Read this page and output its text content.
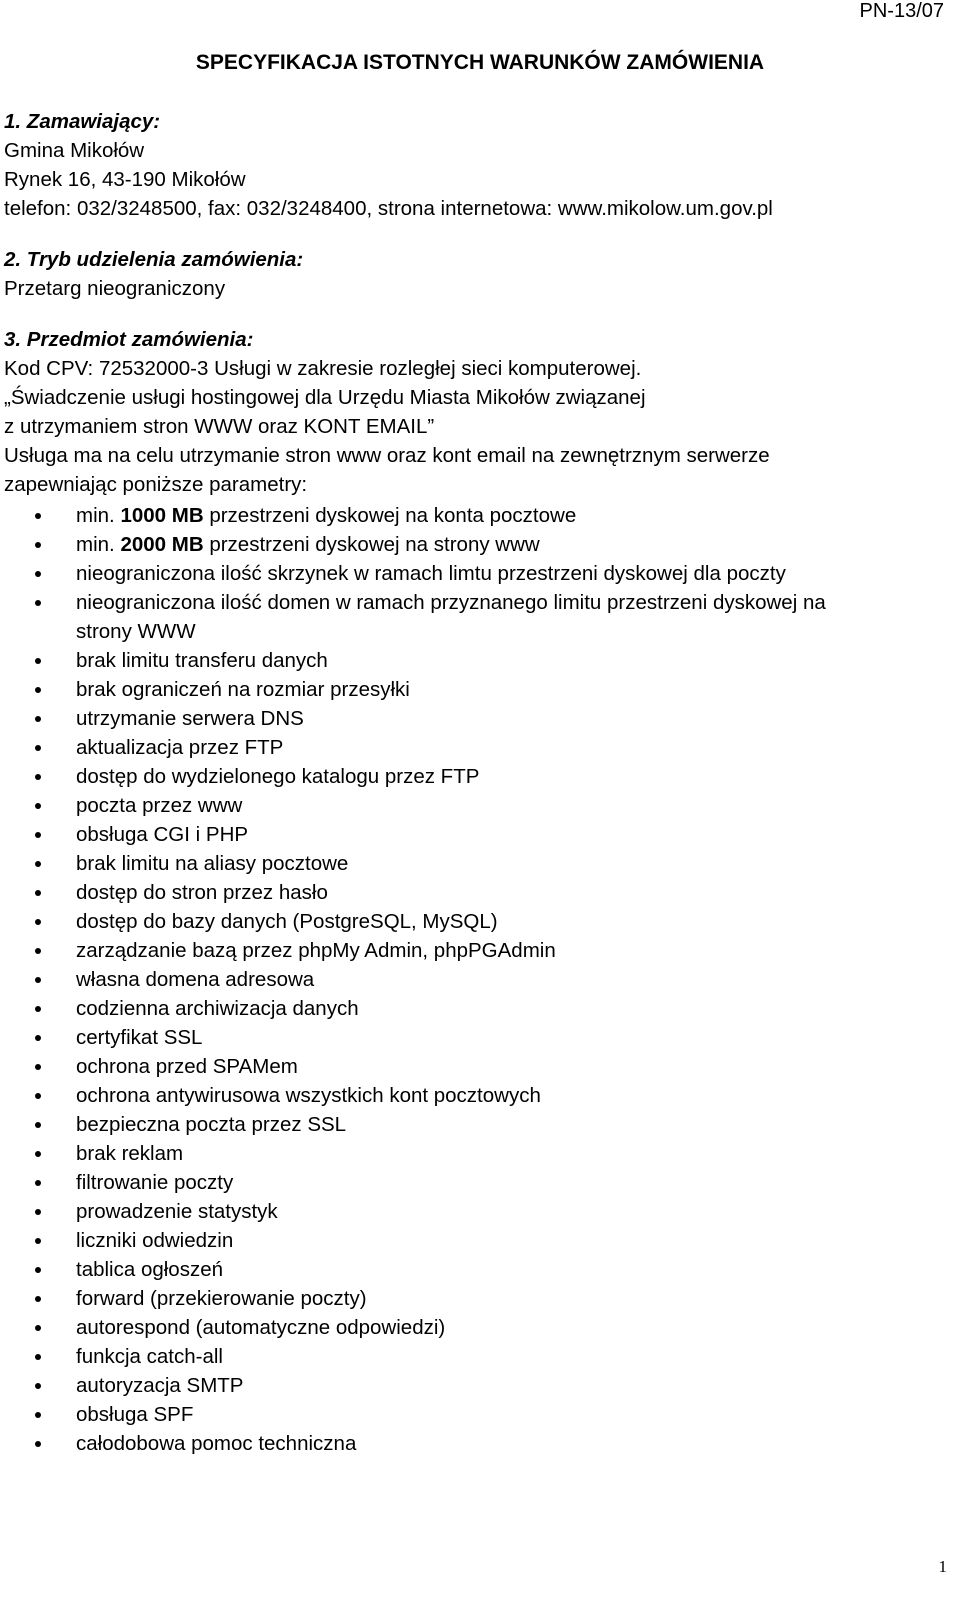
PN-13/07
SPECYFIKACJA ISTOTNYCH WARUNKÓW ZAMÓWIENIA
1. Zamawiający:
Gmina Mikołów
Rynek 16, 43-190 Mikołów
telefon: 032/3248500, fax: 032/3248400, strona internetowa: www.mikolow.um.gov.pl
2. Tryb udzielenia zamówienia:
Przetarg nieograniczony
3. Przedmiot zamówienia:
Kod CPV: 72532000-3 Usługi w zakresie rozległej sieci komputerowej.
„Świadczenie usługi hostingowej dla Urzędu Miasta Mikołów związanej
z utrzymaniem stron WWW oraz KONT EMAIL”
Usługa ma na celu utrzymanie stron www oraz kont email na zewnętrznym serwerze
zapewniając poniższe parametry:
min. 1000 MB przestrzeni dyskowej na konta pocztowe
min. 2000 MB przestrzeni dyskowej na strony www
nieograniczona ilość skrzynek w ramach limtu przestrzeni dyskowej dla poczty
nieograniczona ilość domen w ramach przyznanego limitu przestrzeni dyskowej na strony WWW
brak limitu transferu danych
brak ograniczeń na rozmiar przesyłki
utrzymanie serwera DNS
aktualizacja przez FTP
dostęp do wydzielonego katalogu przez FTP
poczta przez www
obsługa CGI i PHP
brak limitu na aliasy pocztowe
dostęp do stron przez hasło
dostęp do bazy danych (PostgreSQL, MySQL)
zarządzanie bazą przez phpMy Admin, phpPGAdmin
własna domena adresowa
codzienna archiwizacja danych
certyfikat SSL
ochrona przed SPAMem
ochrona antywirusowa wszystkich kont pocztowych
bezpieczna poczta przez SSL
brak reklam
filtrowanie poczty
prowadzenie statystyk
liczniki odwiedzin
tablica ogłoszeń
forward (przekierowanie poczty)
autorespond (automatyczne odpowiedzi)
funkcja catch-all
autoryzacja SMTP
obsługa SPF
całodobowa pomoc techniczna
1
